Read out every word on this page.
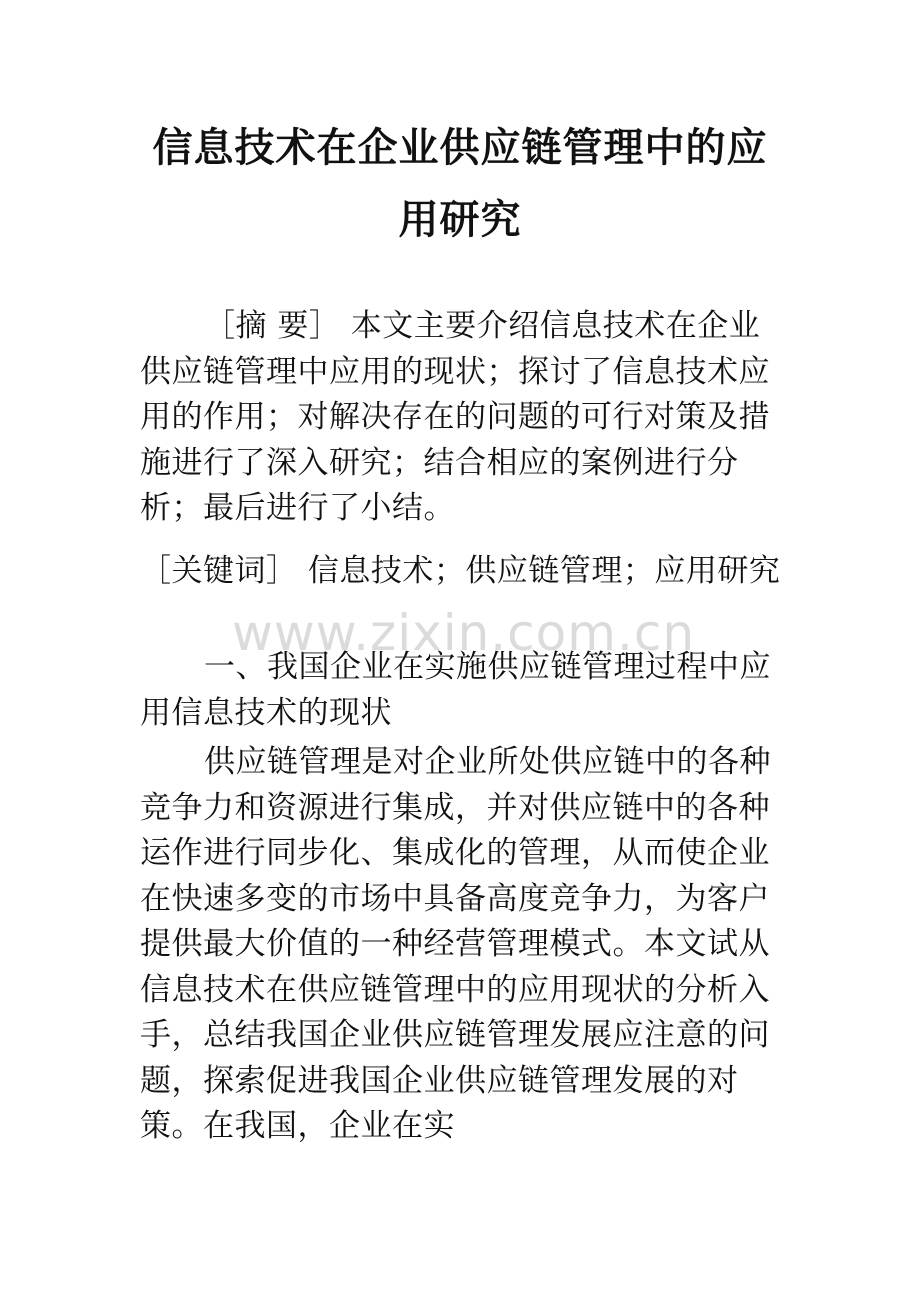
信息技术在企业供应链管理中的应用研究
［摘 要］ 本文主要介绍信息技术在企业供应链管理中应用的现状；探讨了信息技术应用的作用；对解决存在的问题的可行对策及措施进行了深入研究；结合相应的案例进行分析；最后进行了小结。
［关键词］ 信息技术；供应链管理；应用研究
一、我国企业在实施供应链管理过程中应用信息技术的现状
供应链管理是对企业所处供应链中的各种竞争力和资源进行集成，并对供应链中的各种运作进行同步化、集成化的管理，从而使企业在快速多变的市场中具备高度竞争力，为客户提供最大价值的一种经营管理模式。本文试从信息技术在供应链管理中的应用现状的分析入手，总结我国企业供应链管理发展应注意的问题，探索促进我国企业供应链管理发展的对策。在我国，企业在实
www.zixin.com.cn
